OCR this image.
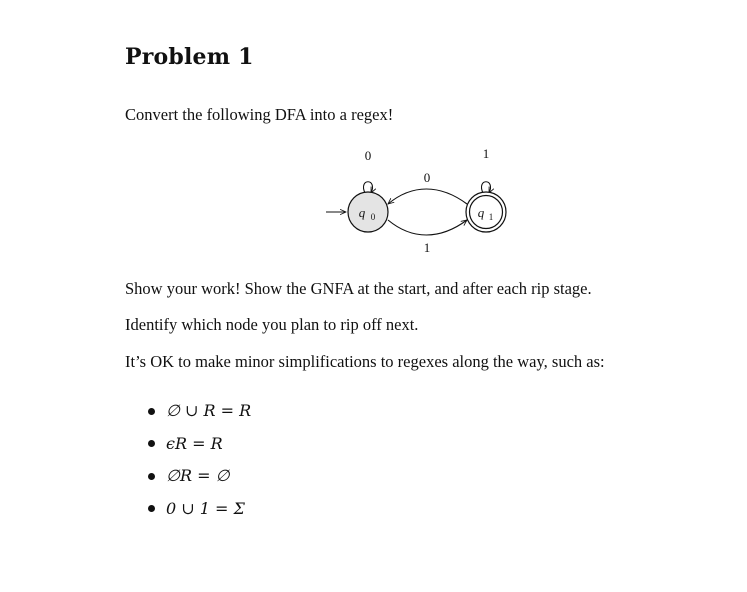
Problem 1
Convert the following DFA into a regex!
0	1
0
1
q 0	q 1
Show your work! Show the GNFA at the start, and after each rip stage.
Identify which node you plan to rip off next.
It’s OK to make minor simplifications to regexes along the way, such as:
∅ ∪ R = R
ϵR = R
∅R = ∅
0 ∪ 1 = Σ
